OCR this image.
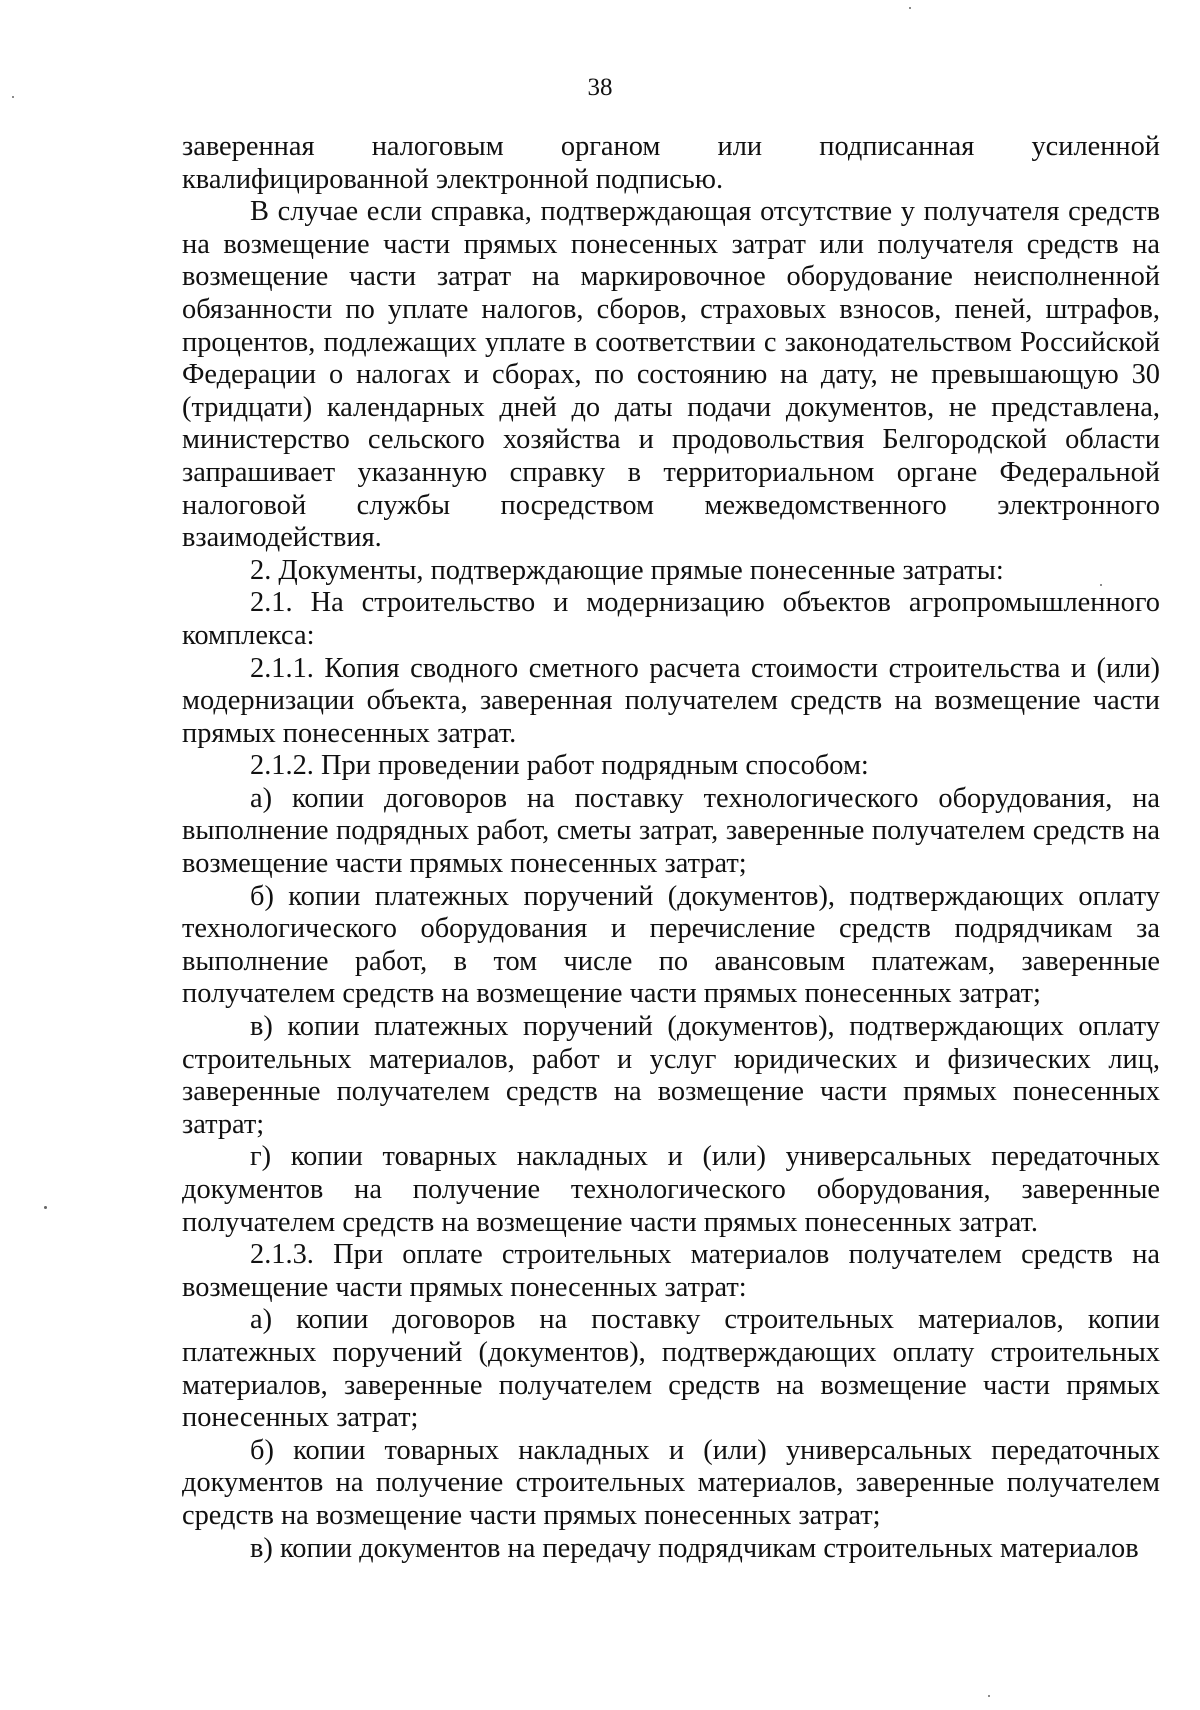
38

заверенная налоговым органом или подписанная усиленной квалифицированной электронной подписью.

В случае если справка, подтверждающая отсутствие у получателя средств на возмещение части прямых понесенных затрат или получателя средств на возмещение части затрат на маркировочное оборудование неисполненной обязанности по уплате налогов, сборов, страховых взносов, пеней, штрафов, процентов, подлежащих уплате в соответствии с законодательством Российской Федерации о налогах и сборах, по состоянию на дату, не превышающую 30 (тридцати) календарных дней до даты подачи документов, не представлена, министерство сельского хозяйства и продовольствия Белгородской области запрашивает указанную справку в территориальном органе Федеральной налоговой службы посредством межведомственного электронного взаимодействия.

2. Документы, подтверждающие прямые понесенные затраты:

2.1. На строительство и модернизацию объектов агропромышленного комплекса:

2.1.1. Копия сводного сметного расчета стоимости строительства и (или) модернизации объекта, заверенная получателем средств на возмещение части прямых понесенных затрат.

2.1.2. При проведении работ подрядным способом:

а) копии договоров на поставку технологического оборудования, на выполнение подрядных работ, сметы затрат, заверенные получателем средств на возмещение части прямых понесенных затрат;

б) копии платежных поручений (документов), подтверждающих оплату технологического оборудования и перечисление средств подрядчикам за выполнение работ, в том числе по авансовым платежам, заверенные получателем средств на возмещение части прямых понесенных затрат;

в) копии платежных поручений (документов), подтверждающих оплату строительных материалов, работ и услуг юридических и физических лиц, заверенные получателем средств на возмещение части прямых понесенных затрат;

г) копии товарных накладных и (или) универсальных передаточных документов на получение технологического оборудования, заверенные получателем средств на возмещение части прямых понесенных затрат.

2.1.3. При оплате строительных материалов получателем средств на возмещение части прямых понесенных затрат:

а) копии договоров на поставку строительных материалов, копии платежных поручений (документов), подтверждающих оплату строительных материалов, заверенные получателем средств на возмещение части прямых понесенных затрат;

б) копии товарных накладных и (или) универсальных передаточных документов на получение строительных материалов, заверенные получателем средств на возмещение части прямых понесенных затрат;

в) копии документов на передачу подрядчикам строительных материалов
